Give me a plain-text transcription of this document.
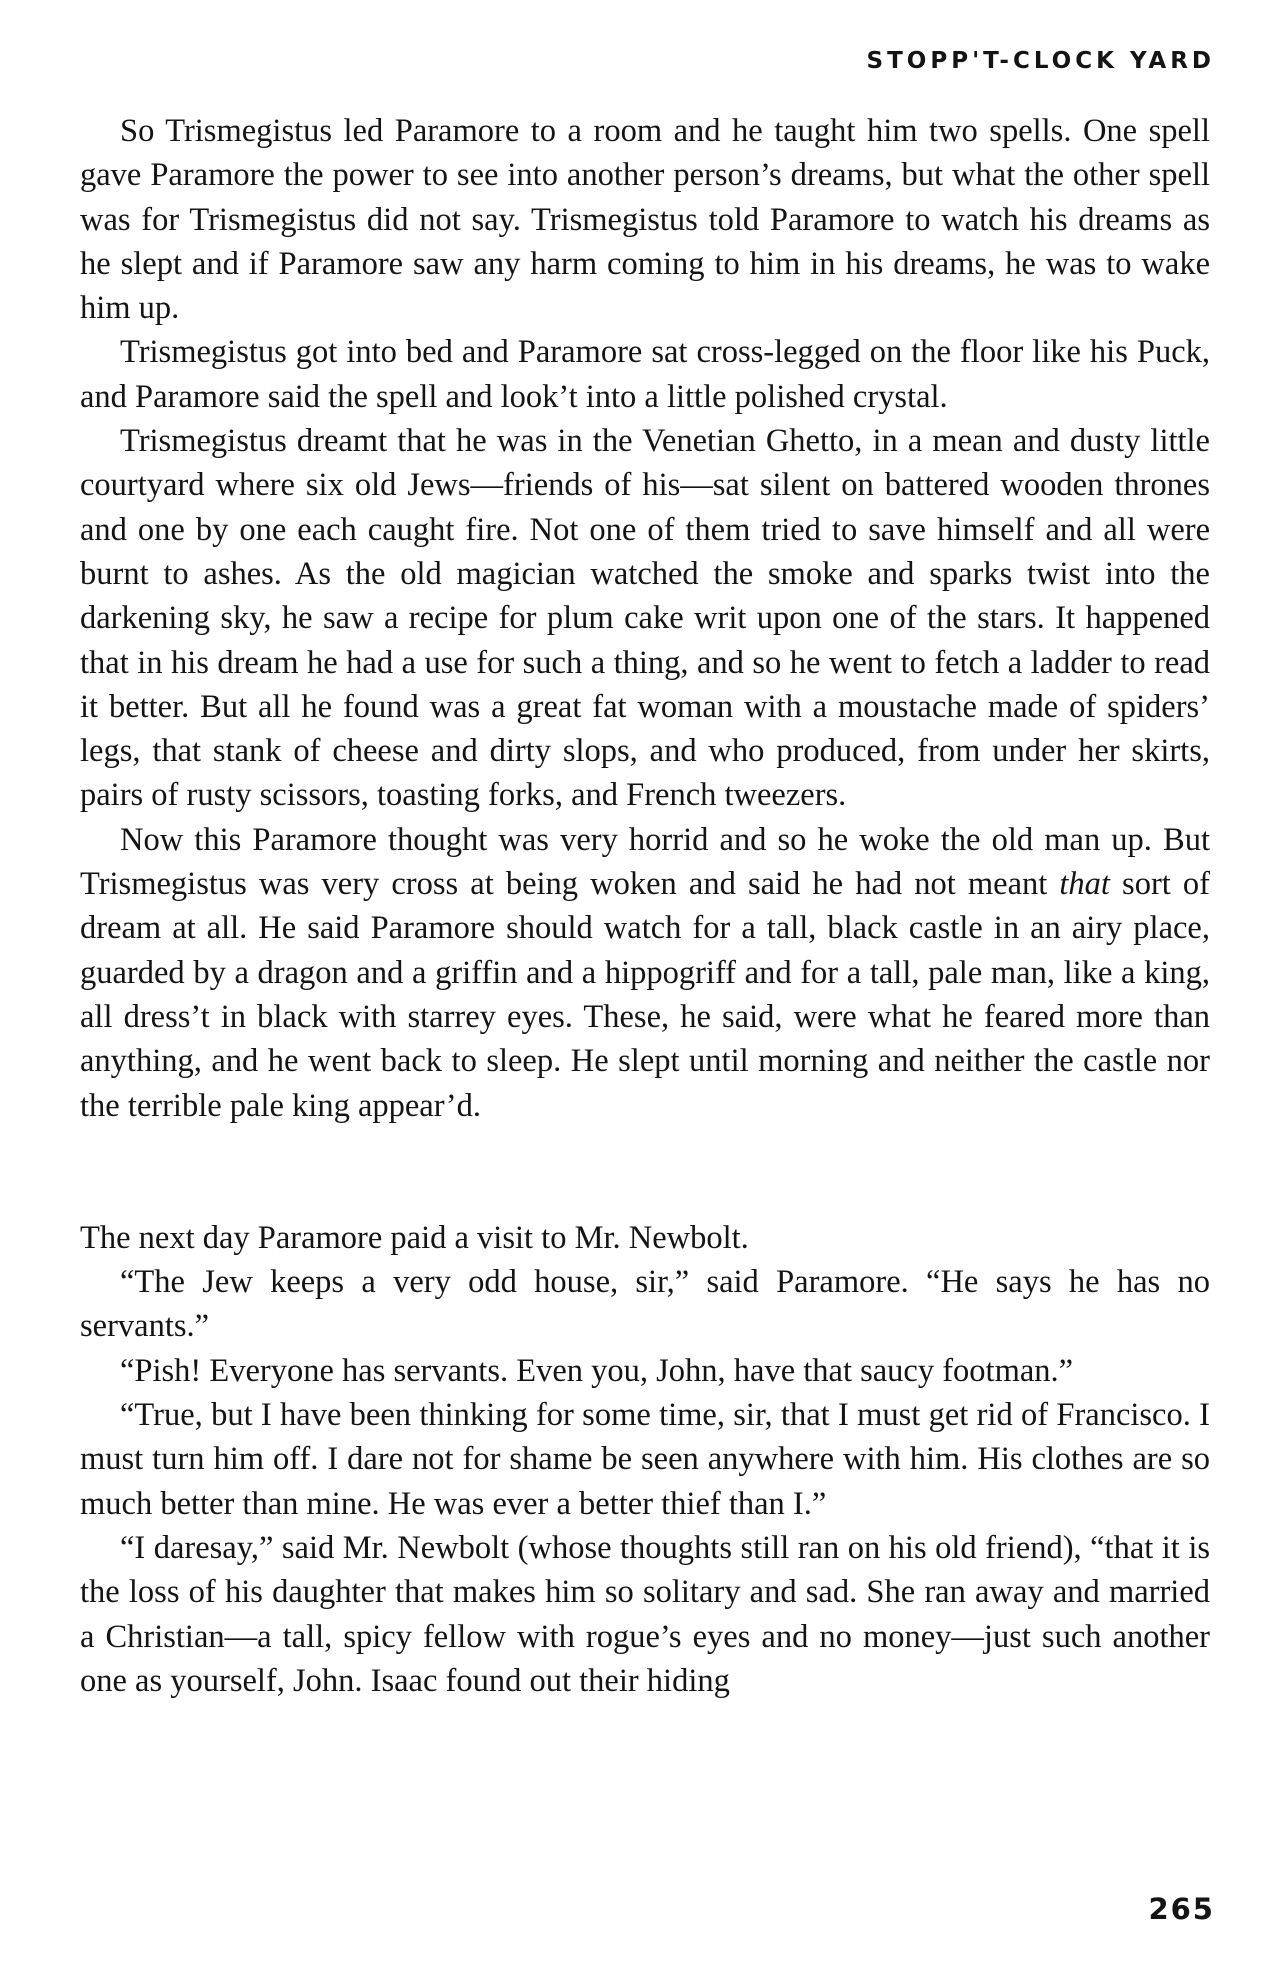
STOPP'T-CLOCK YARD

So Trismegistus led Paramore to a room and he taught him two spells. One spell gave Paramore the power to see into another person’s dreams, but what the other spell was for Trismegistus did not say. Trismegistus told Paramore to watch his dreams as he slept and if Paramore saw any harm coming to him in his dreams, he was to wake him up.

Trismegistus got into bed and Paramore sat cross-legged on the floor like his Puck, and Paramore said the spell and look’t into a little polished crystal.

Trismegistus dreamt that he was in the Venetian Ghetto, in a mean and dusty little courtyard where six old Jews—friends of his—sat silent on battered wooden thrones and one by one each caught fire. Not one of them tried to save himself and all were burnt to ashes. As the old magician watched the smoke and sparks twist into the darkening sky, he saw a recipe for plum cake writ upon one of the stars. It happened that in his dream he had a use for such a thing, and so he went to fetch a ladder to read it better. But all he found was a great fat woman with a moustache made of spiders’ legs, that stank of cheese and dirty slops, and who produced, from under her skirts, pairs of rusty scissors, toasting forks, and French tweezers.

Now this Paramore thought was very horrid and so he woke the old man up. But Trismegistus was very cross at being woken and said he had not meant that sort of dream at all. He said Paramore should watch for a tall, black castle in an airy place, guarded by a dragon and a griffin and a hippogriff and for a tall, pale man, like a king, all dress’t in black with starrey eyes. These, he said, were what he feared more than anything, and he went back to sleep. He slept until morning and neither the castle nor the terrible pale king appear’d.

The next day Paramore paid a visit to Mr. Newbolt.

“The Jew keeps a very odd house, sir,” said Paramore. “He says he has no servants.”

“Pish! Everyone has servants. Even you, John, have that saucy footman.”

“True, but I have been thinking for some time, sir, that I must get rid of Francisco. I must turn him off. I dare not for shame be seen anywhere with him. His clothes are so much better than mine. He was ever a better thief than I.”

“I daresay,” said Mr. Newbolt (whose thoughts still ran on his old friend), “that it is the loss of his daughter that makes him so solitary and sad. She ran away and married a Christian—a tall, spicy fellow with rogue’s eyes and no money—just such another one as yourself, John. Isaac found out their hiding

265
